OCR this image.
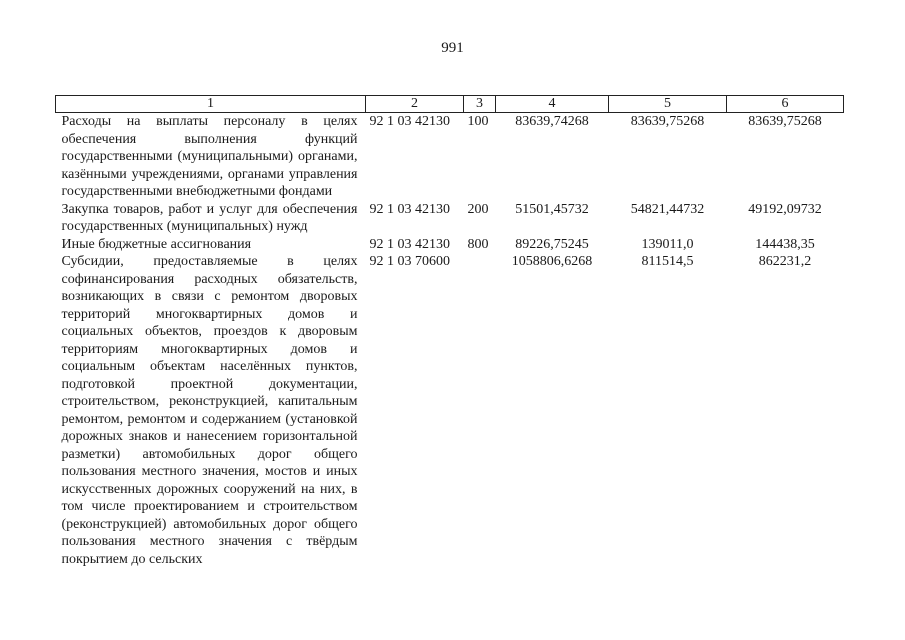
991
1	2	3	4	5	6
Расходы на выплаты персоналу в целях обеспечения выполнения функций государственными (муниципальными) органами, казёнными учреждениями, органами управления государственными внебюджетными фондами	92 1 03 42130	100	83639,74268	83639,75268	83639,75268
Закупка товаров, работ и услуг для обеспечения государственных (муниципальных) нужд	92 1 03 42130	200	51501,45732	54821,44732	49192,09732
Иные бюджетные ассигнования	92 1 03 42130	800	89226,75245	139011,0	144438,35
Субсидии, предоставляемые в целях софинансирования расходных обязательств, возникающих в связи с ремонтом дворовых территорий многоквартирных домов и социальных объектов, проездов к дворовым территориям многоквартирных домов и социальным объектам населённых пунктов, подготовкой проектной документации, строительством, реконструкцией, капитальным ремонтом, ремонтом и содержанием (установкой дорожных знаков и нанесением горизонтальной разметки) автомобильных дорог общего пользования местного значения, мостов и иных искусственных дорожных сооружений на них, в том числе проектированием и строительством (реконструкцией) автомобильных дорог общего пользования местного значения с твёрдым покрытием до сельских	92 1 03 70600		1058806,6268	811514,5	862231,2
